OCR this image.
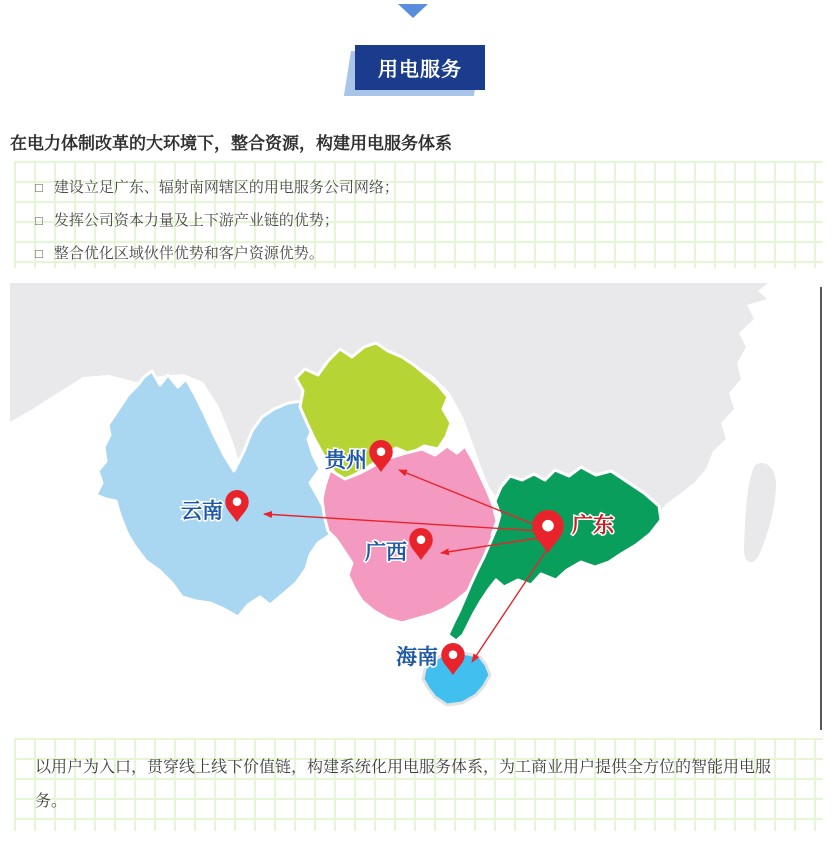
用电服务
在电力体制改革的大环境下，整合资源，构建用电服务体系
□ 建设立足广东、辐射南网辖区的用电服务公司网络；
□ 发挥公司资本力量及上下游产业链的优势；
□ 整合优化区域伙伴优势和客户资源优势。
云南
贵州
广西
广东
海南
以用户为入口，贯穿线上线下价值链，构建系统化用电服务体系，为工商业用户提供全方位的智能用电服务。
